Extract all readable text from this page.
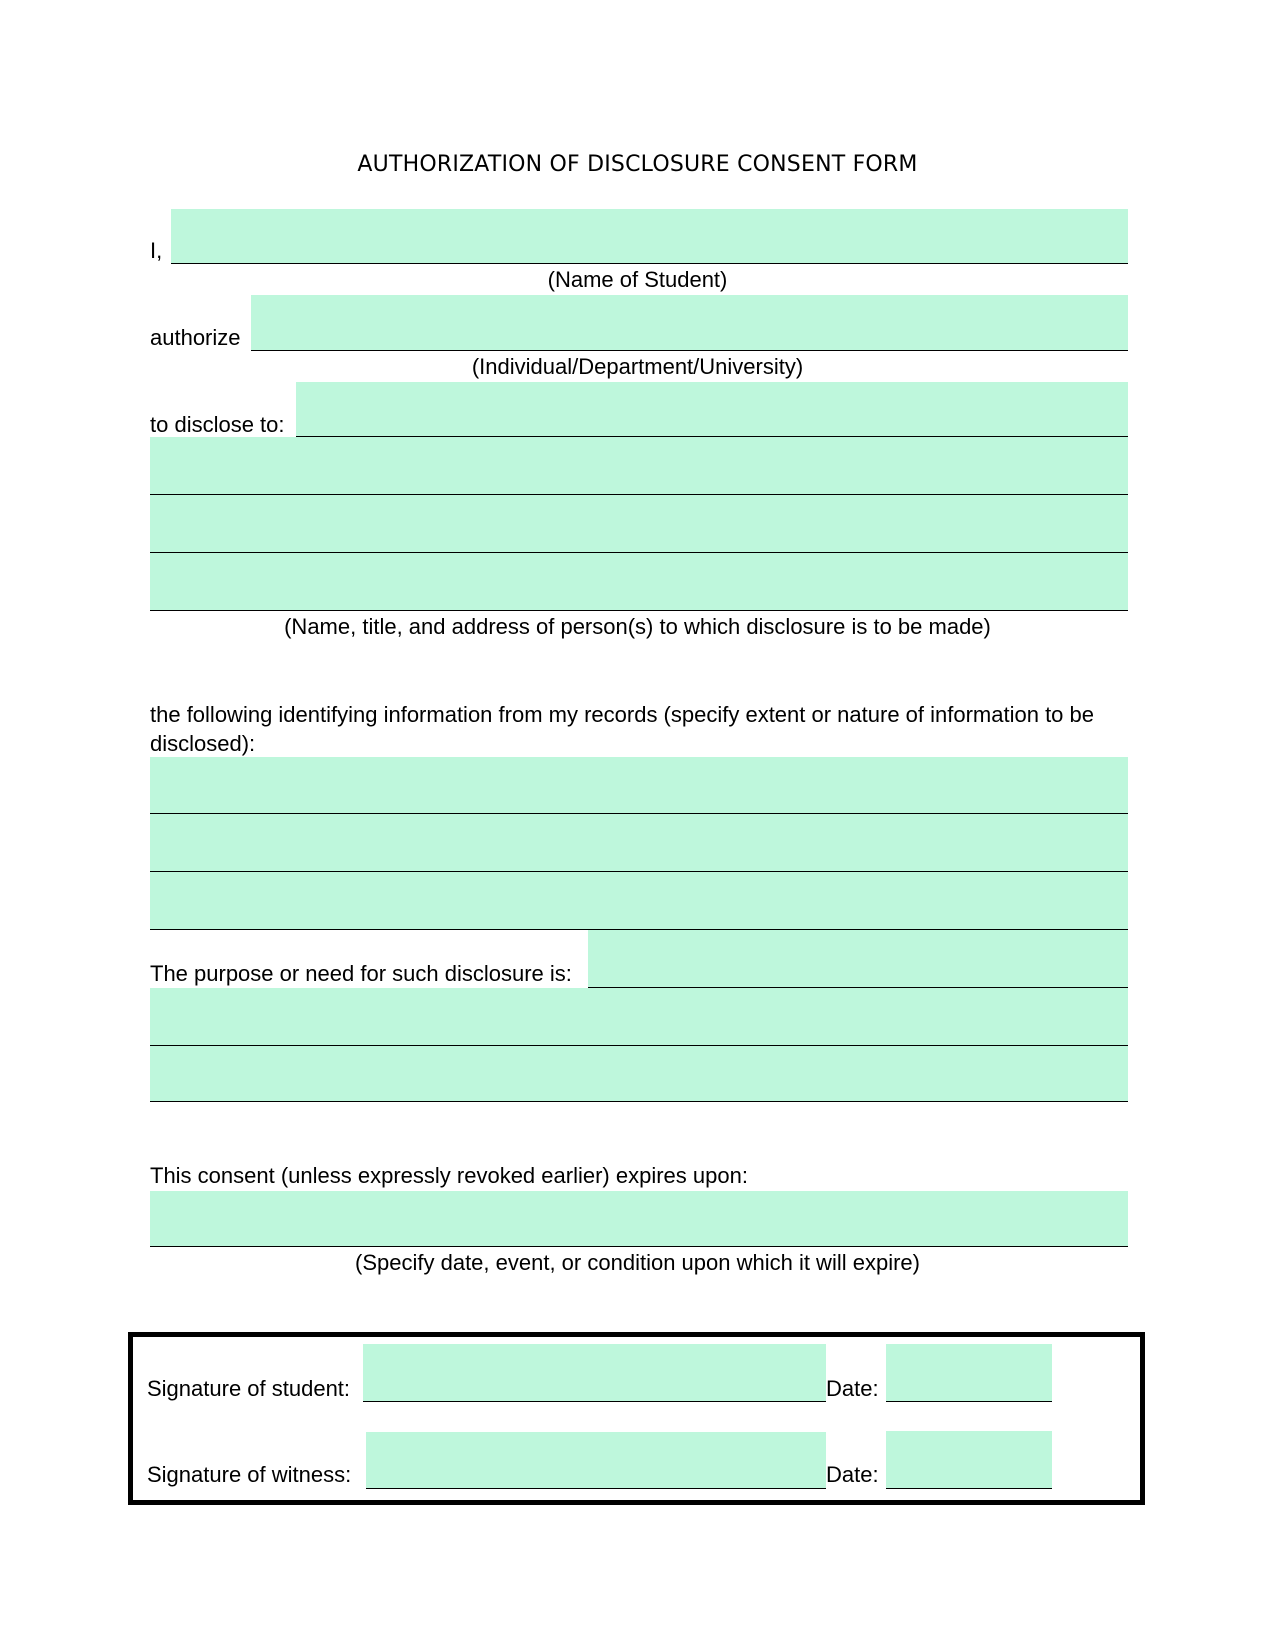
AUTHORIZATION OF DISCLOSURE CONSENT FORM
I,
(Name of Student)
authorize
(Individual/Department/University)
to disclose to:
(Name, title, and address of person(s) to which disclosure is to be made)
the following identifying information from my records (specify extent or nature of information to be disclosed):
The purpose or need for such disclosure is:
This consent (unless expressly revoked earlier) expires upon:
(Specify date, event, or condition upon which it will expire)
Signature of student:	Date:
Signature of witness:	Date:
